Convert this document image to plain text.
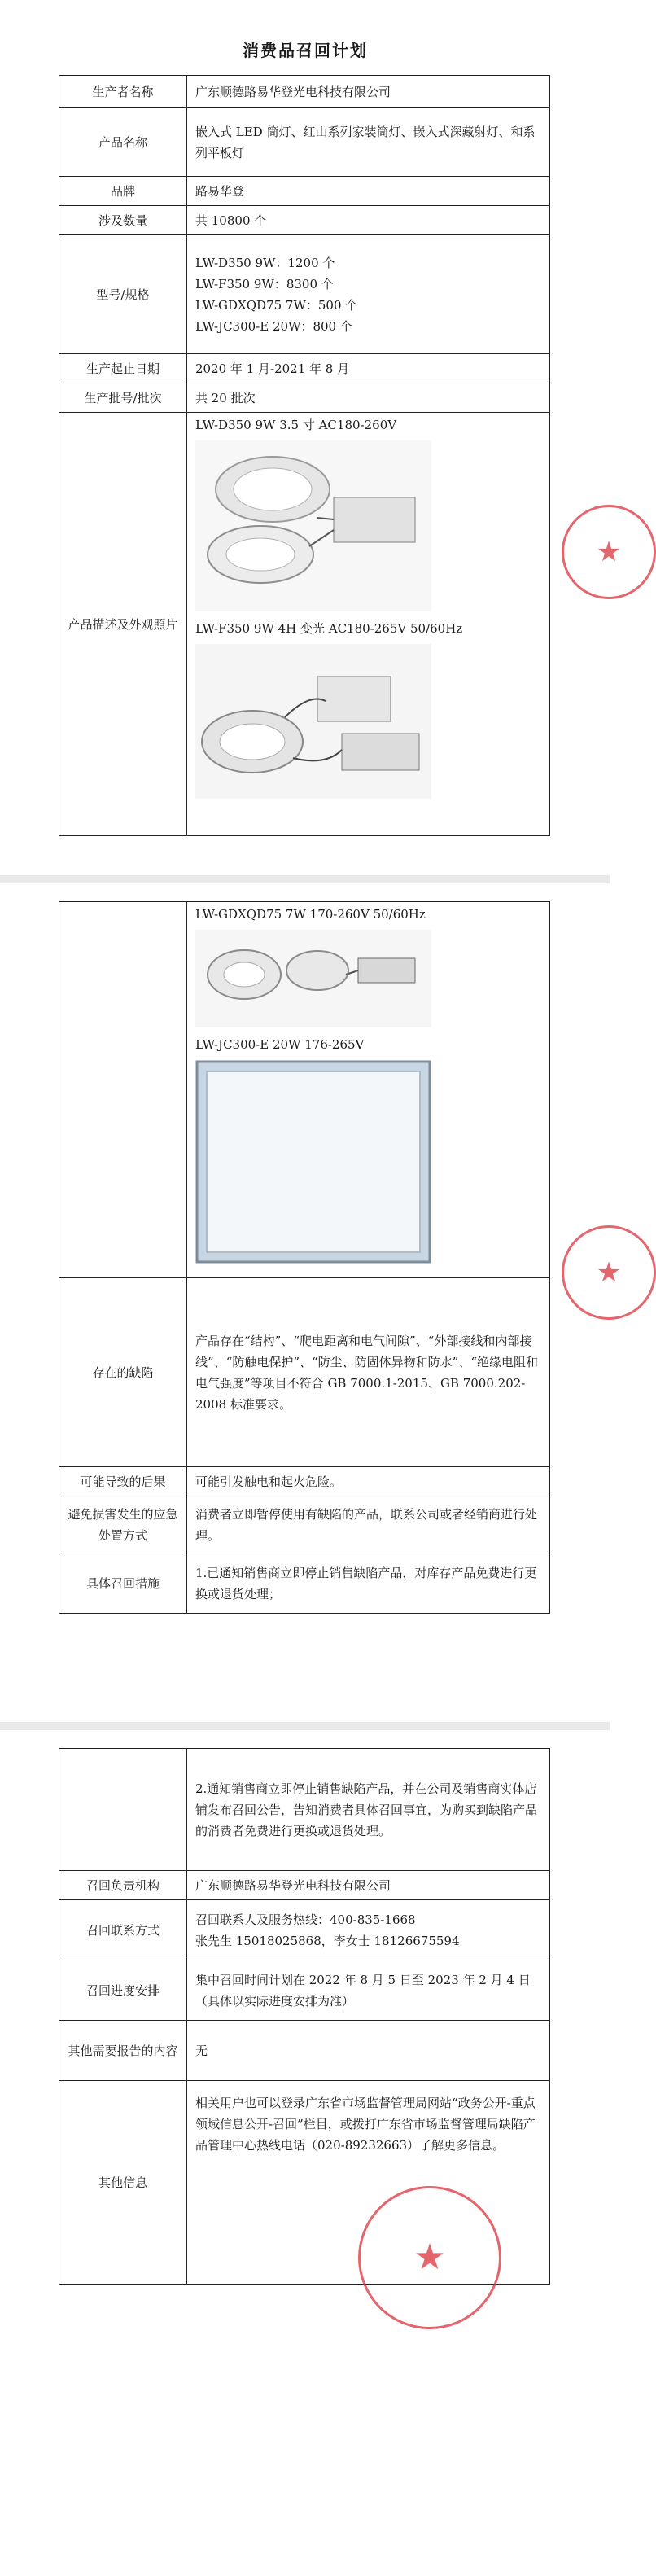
消费品召回计划
生产者名称	广东顺德路易华登光电科技有限公司
产品名称	嵌入式 LED 筒灯、红山系列家装筒灯、嵌入式深藏射灯、和系列平板灯
品牌	路易华登
涉及数量	共 10800 个
型号/规格	LW-D350 9W：1200 个
LW-F350 9W：8300 个
LW-GDXQD75 7W：500 个
LW-JC300-E 20W：800 个

生产起止日期	2020 年 1 月-2021 年 8 月
生产批号/批次	共 20 批次
产品描述及外观照片	LW-D350 9W 3.5 寸 AC180-260V
LW-F350 9W 4H 变光 AC180-265V 50/60Hz

	LW-GDXQD75 7W 170-260V 50/60Hz
LW-JC300-E 20W 176-265V

存在的缺陷	产品存在“结构”、“爬电距离和电气间隙”、“外部接线和内部接线”、“防触电保护”、“防尘、防固体异物和防水”、“绝缘电阻和电气强度”等项目不符合 GB 7000.1-2015、GB 7000.202-2008 标准要求。
可能导致的后果	可能引发触电和起火危险。
避免损害发生的应急处置方式	消费者立即暂停使用有缺陷的产品，联系公司或者经销商进行处理。
具体召回措施	1.已通知销售商立即停止销售缺陷产品，对库存产品免费进行更换或退货处理；
★
	2.通知销售商立即停止销售缺陷产品，并在公司及销售商实体店铺发布召回公告，告知消费者具体召回事宜，为购买到缺陷产品的消费者免费进行更换或退货处理。
召回负责机构	广东顺德路易华登光电科技有限公司
召回联系方式	召回联系人及服务热线：400-835-1668
张先生 15018025868，李女士 18126675594

召回进度安排	集中召回时间计划在 2022 年 8 月 5 日至 2023 年 2 月 4 日（具体以实际进度安排为准）
其他需要报告的内容	无
其他信息	相关用户也可以登录广东省市场监督管理局网站“政务公开-重点领域信息公开-召回”栏目，或拨打广东省市场监督管理局缺陷产品管理中心热线电话（020-89232663）了解更多信息。
★
★
